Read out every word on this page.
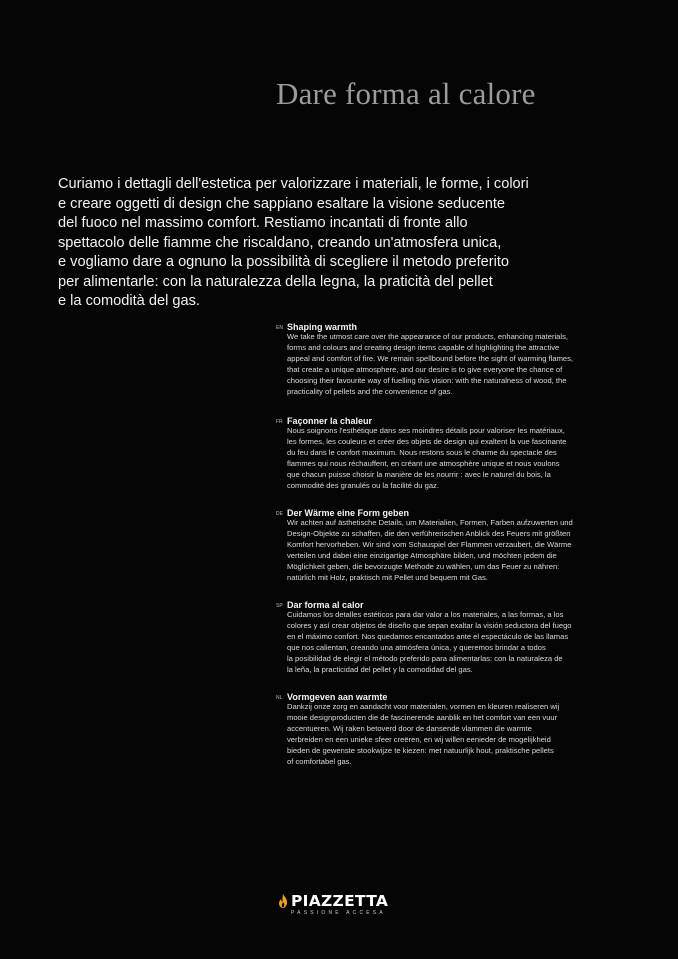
Dare forma al calore
Curiamo i dettagli dell'estetica per valorizzare i materiali, le forme, i colori
e creare oggetti di design che sappiano esaltare la visione seducente
del fuoco nel massimo comfort. Restiamo incantati di fronte allo
spettacolo delle fiamme che riscaldano, creando un'atmosfera unica,
e vogliamo dare a ognuno la possibilità di scegliere il metodo preferito
per alimentarle: con la naturalezza della legna, la praticità del pellet
e la comodità del gas.
EN Shaping warmth
We take the utmost care over the appearance of our products, enhancing materials,
forms and colours and creating design items capable of highlighting the attractive
appeal and comfort of fire. We remain spellbound before the sight of warming flames,
that create a unique atmosphere, and our desire is to give everyone the chance of
choosing their favourite way of fuelling this vision: with the naturalness of wood, the
practicality of pellets and the convenience of gas.
FR Façonner la chaleur
Nous soignons l'esthétique dans ses moindres détails pour valoriser les matériaux,
les formes, les couleurs et créer des objets de design qui exaltent la vue fascinante
du feu dans le confort maximum. Nous restons sous le charme du spectacle des
flammes qui nous réchauffent, en créant une atmosphère unique et nous voulons
que chacun puisse choisir la manière de les nourrir : avec le naturel du bois, la
commodité des granulés ou la facilité du gaz.
DE Der Wärme eine Form geben
Wir achten auf ästhetische Details, um Materialien, Formen, Farben aufzuwerten und
Design-Objekte zu schaffen, die den verführerischen Anblick des Feuers mit größten
Komfort hervorheben. Wir sind vom Schauspiel der Flammen verzaubert, die Wärme
verteilen und dabei eine einzigartige Atmosphäre bilden, und möchten jedem die
Möglichkeit geben, die bevorzugte Methode zu wählen, um das Feuer zu nähren:
natürlich mit Holz, praktisch mit Pellet und bequem mit Gas.
SP Dar forma al calor
Cuidamos los detalles estéticos para dar valor a los materiales, a las formas, a los
colores y así crear objetos de diseño que sepan exaltar la visión seductora del fuego
en el máximo confort. Nos quedamos encantados ante el espectáculo de las llamas
que nos calientan, creando una atmósfera única, y queremos brindar a todos
la posibilidad de elegir el método preferido para alimentarlas: con la naturaleza de
la leña, la practicidad del pellet y la comodidad del gas.
NL Vormgeven aan warmte
Dankzij onze zorg en aandacht voor materialen, vormen en kleuren realiseren wij
mooie designproducten die de fascinerende aanblik en het comfort van een vuur
accentueren. Wij raken betoverd door de dansende vlammen die warmte
verbreiden en een unieke sfeer creëren, en wij willen eenieder de mogelijkheid
bieden de gewenste stookwijze te kiezen: met natuurlijk hout, praktische pellets
of comfortabel gas.
PIAZZETTA
PASSIONE ACCESA
